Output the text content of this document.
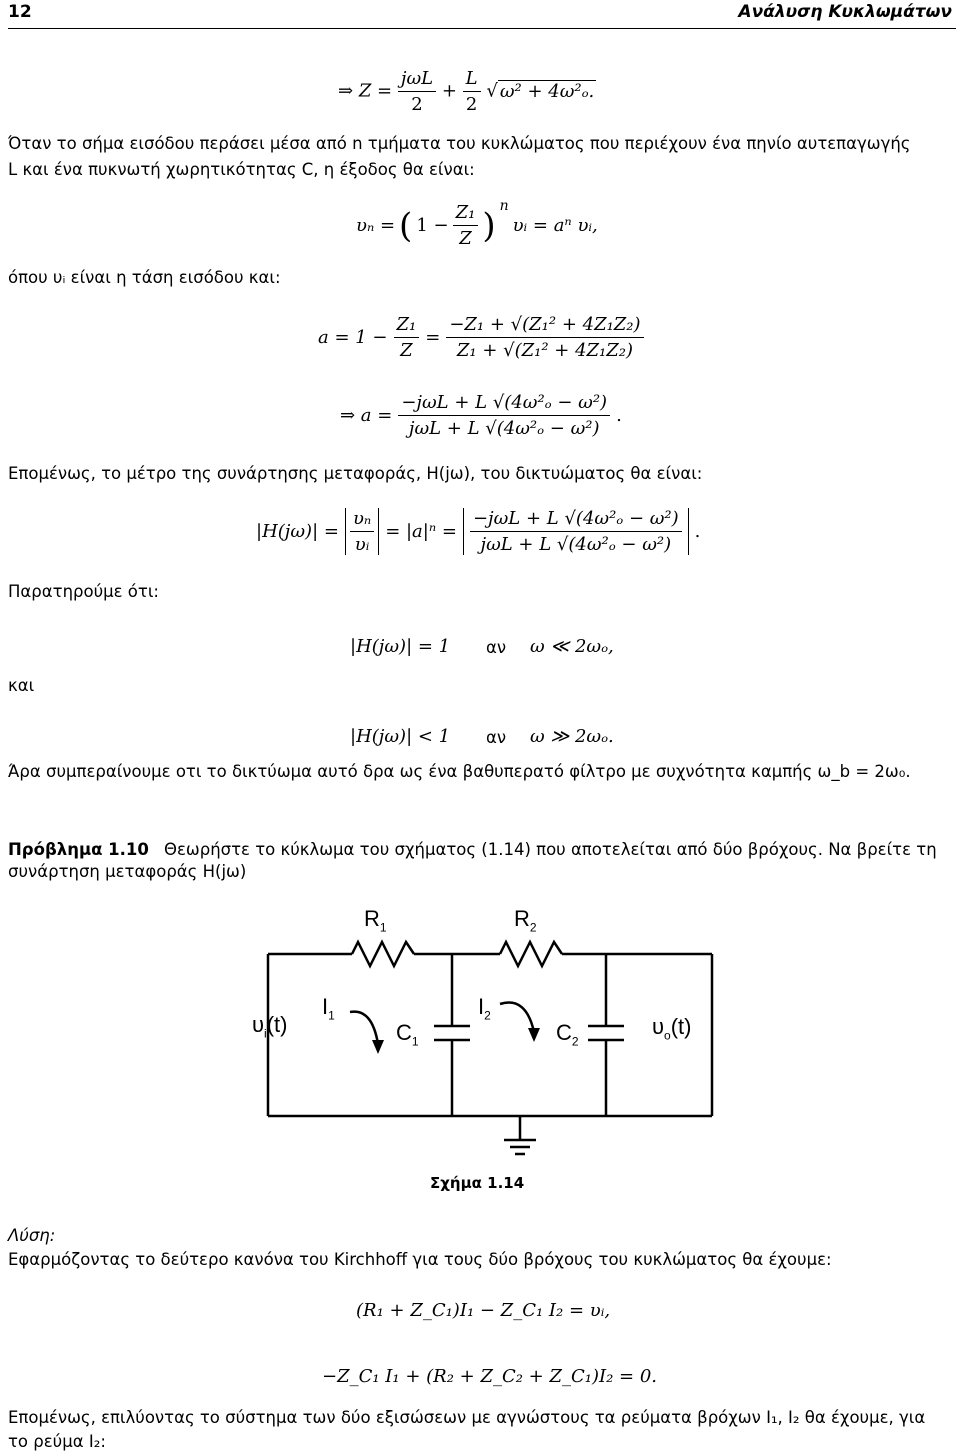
12	Ανάλυση Κυκλωμάτων
⇒ $Z = \frac{\text{jωL}}{2} + \frac{L}{2}$ √ ω² + 4ω²ₒ.
Όταν το σήμα εισόδου περάσει μέσα από n τμήματα του κυκλώματος που περιέχουν ένα πηνίο αυτεπαγωγής
L και ένα πυκνωτή χωρητικότητας C, η έξοδος θα είναι:
υₙ = ( $1 - \frac{\text{Z₁}}{Z}$ ) n
υᵢ = aⁿ υᵢ,
όπου υᵢ είναι η τάση εισόδου και:
$a = 1 - \frac{\text{Z₁}}{Z} = \frac{\text{−Z₁ + √(Z₁² + 4Z₁Z₂)}}{\text{Z₁ + √(Z₁² + 4Z₁Z₂)}}$
⇒ $a = \frac{\text{−jωL + L √(4ω²ₒ − ω²)}}{\text{jωL + L √(4ω²ₒ − ω²)}}$ .
Επομένως, το μέτρο της συνάρτησης μεταφοράς, H(jω), του δικτυώματος θα είναι:
$|H(j\omega)| = \frac{\text{υₙ}}{\text{υᵢ}} = |a|^n = \frac{\text{−jωL + L √(4ω²ₒ − ω²)}}{\text{jωL + L √(4ω²ₒ − ω²)}}$ .
Παρατηρούμε ότι:
|H(jω)| = 1 αν ω ≪ 2ωₒ,
και
|H(jω)| < 1 αν ω ≫ 2ωₒ.
Άρα συμπεραίνουμε οτι το δικτύωμα αυτό δρα ως ένα βαθυπερατό φίλτρο με συχνότητα καμπής ω_b = 2ω₀.
Πρόβλημα 1.10 Θεωρήστε το κύκλωμα του σχήματος (1.14) που αποτελείται από δύο βρόχους. Να βρείτε τη
συνάρτηση μεταφοράς H(jω)
$R_1$	$R_2$
$\upsilon_i(t)$
$I_1$
$C_1$
$I_2$
$C_2$
$\upsilon_o(t)$
Σχήμα 1.14
Λύση:
Εφαρμόζοντας το δεύτερο κανόνα του Kirchhoff για τους δύο βρόχους του κυκλώματος θα έχουμε:
(R₁ + Z_C₁)I₁ − Z_C₁ I₂ = υᵢ,
−Z_C₁ I₁ + (R₂ + Z_C₂ + Z_C₁)I₂ = 0.
Επομένως, επιλύοντας το σύστημα των δύο εξισώσεων με αγνώστους τα ρεύματα βρόχων I₁, I₂ θα έχουμε, για
το ρεύμα I₂:
